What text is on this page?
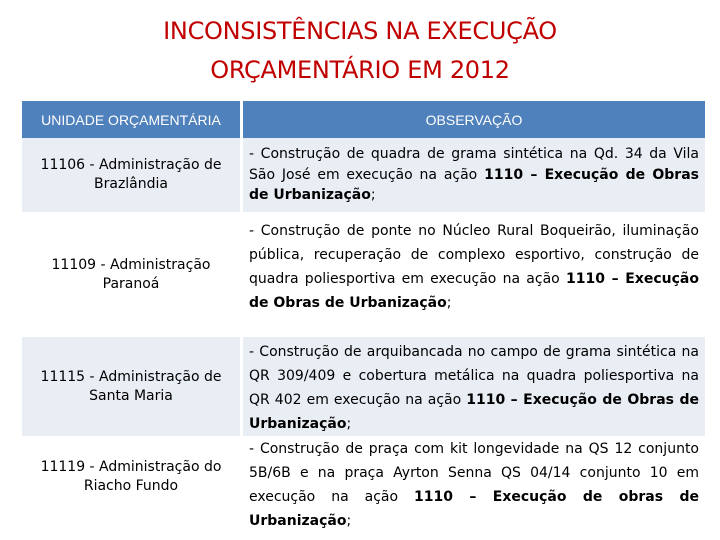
INCONSISTÊNCIAS NA EXECUÇÃO
ORÇAMENTÁRIO EM 2012
UNIDADE ORÇAMENTÁRIA	OBSERVAÇÃO
11106 - Administração de Brazlândia
- Construção de quadra de grama sintética na Qd. 34 da Vila São José em execução na ação 1110 – Execução de Obras de Urbanização;
11109 - Administração Paranoá
- Construção de ponte no Núcleo Rural Boqueirão, iluminação pública, recuperação de complexo esportivo, construção de quadra poliesportiva em execução na ação 1110 – Execução de Obras de Urbanização;
11115 - Administração de Santa Maria
- Construção de arquibancada no campo de grama sintética na QR 309/409 e cobertura metálica na quadra poliesportiva na QR 402 em execução na ação 1110 – Execução de Obras de Urbanização;
11119 - Administração do Riacho Fundo
- Construção de praça com kit longevidade na QS 12 conjunto 5B/6B e na praça Ayrton Senna QS 04/14 conjunto 10 em execução na ação 1110 – Execução de obras de Urbanização;
